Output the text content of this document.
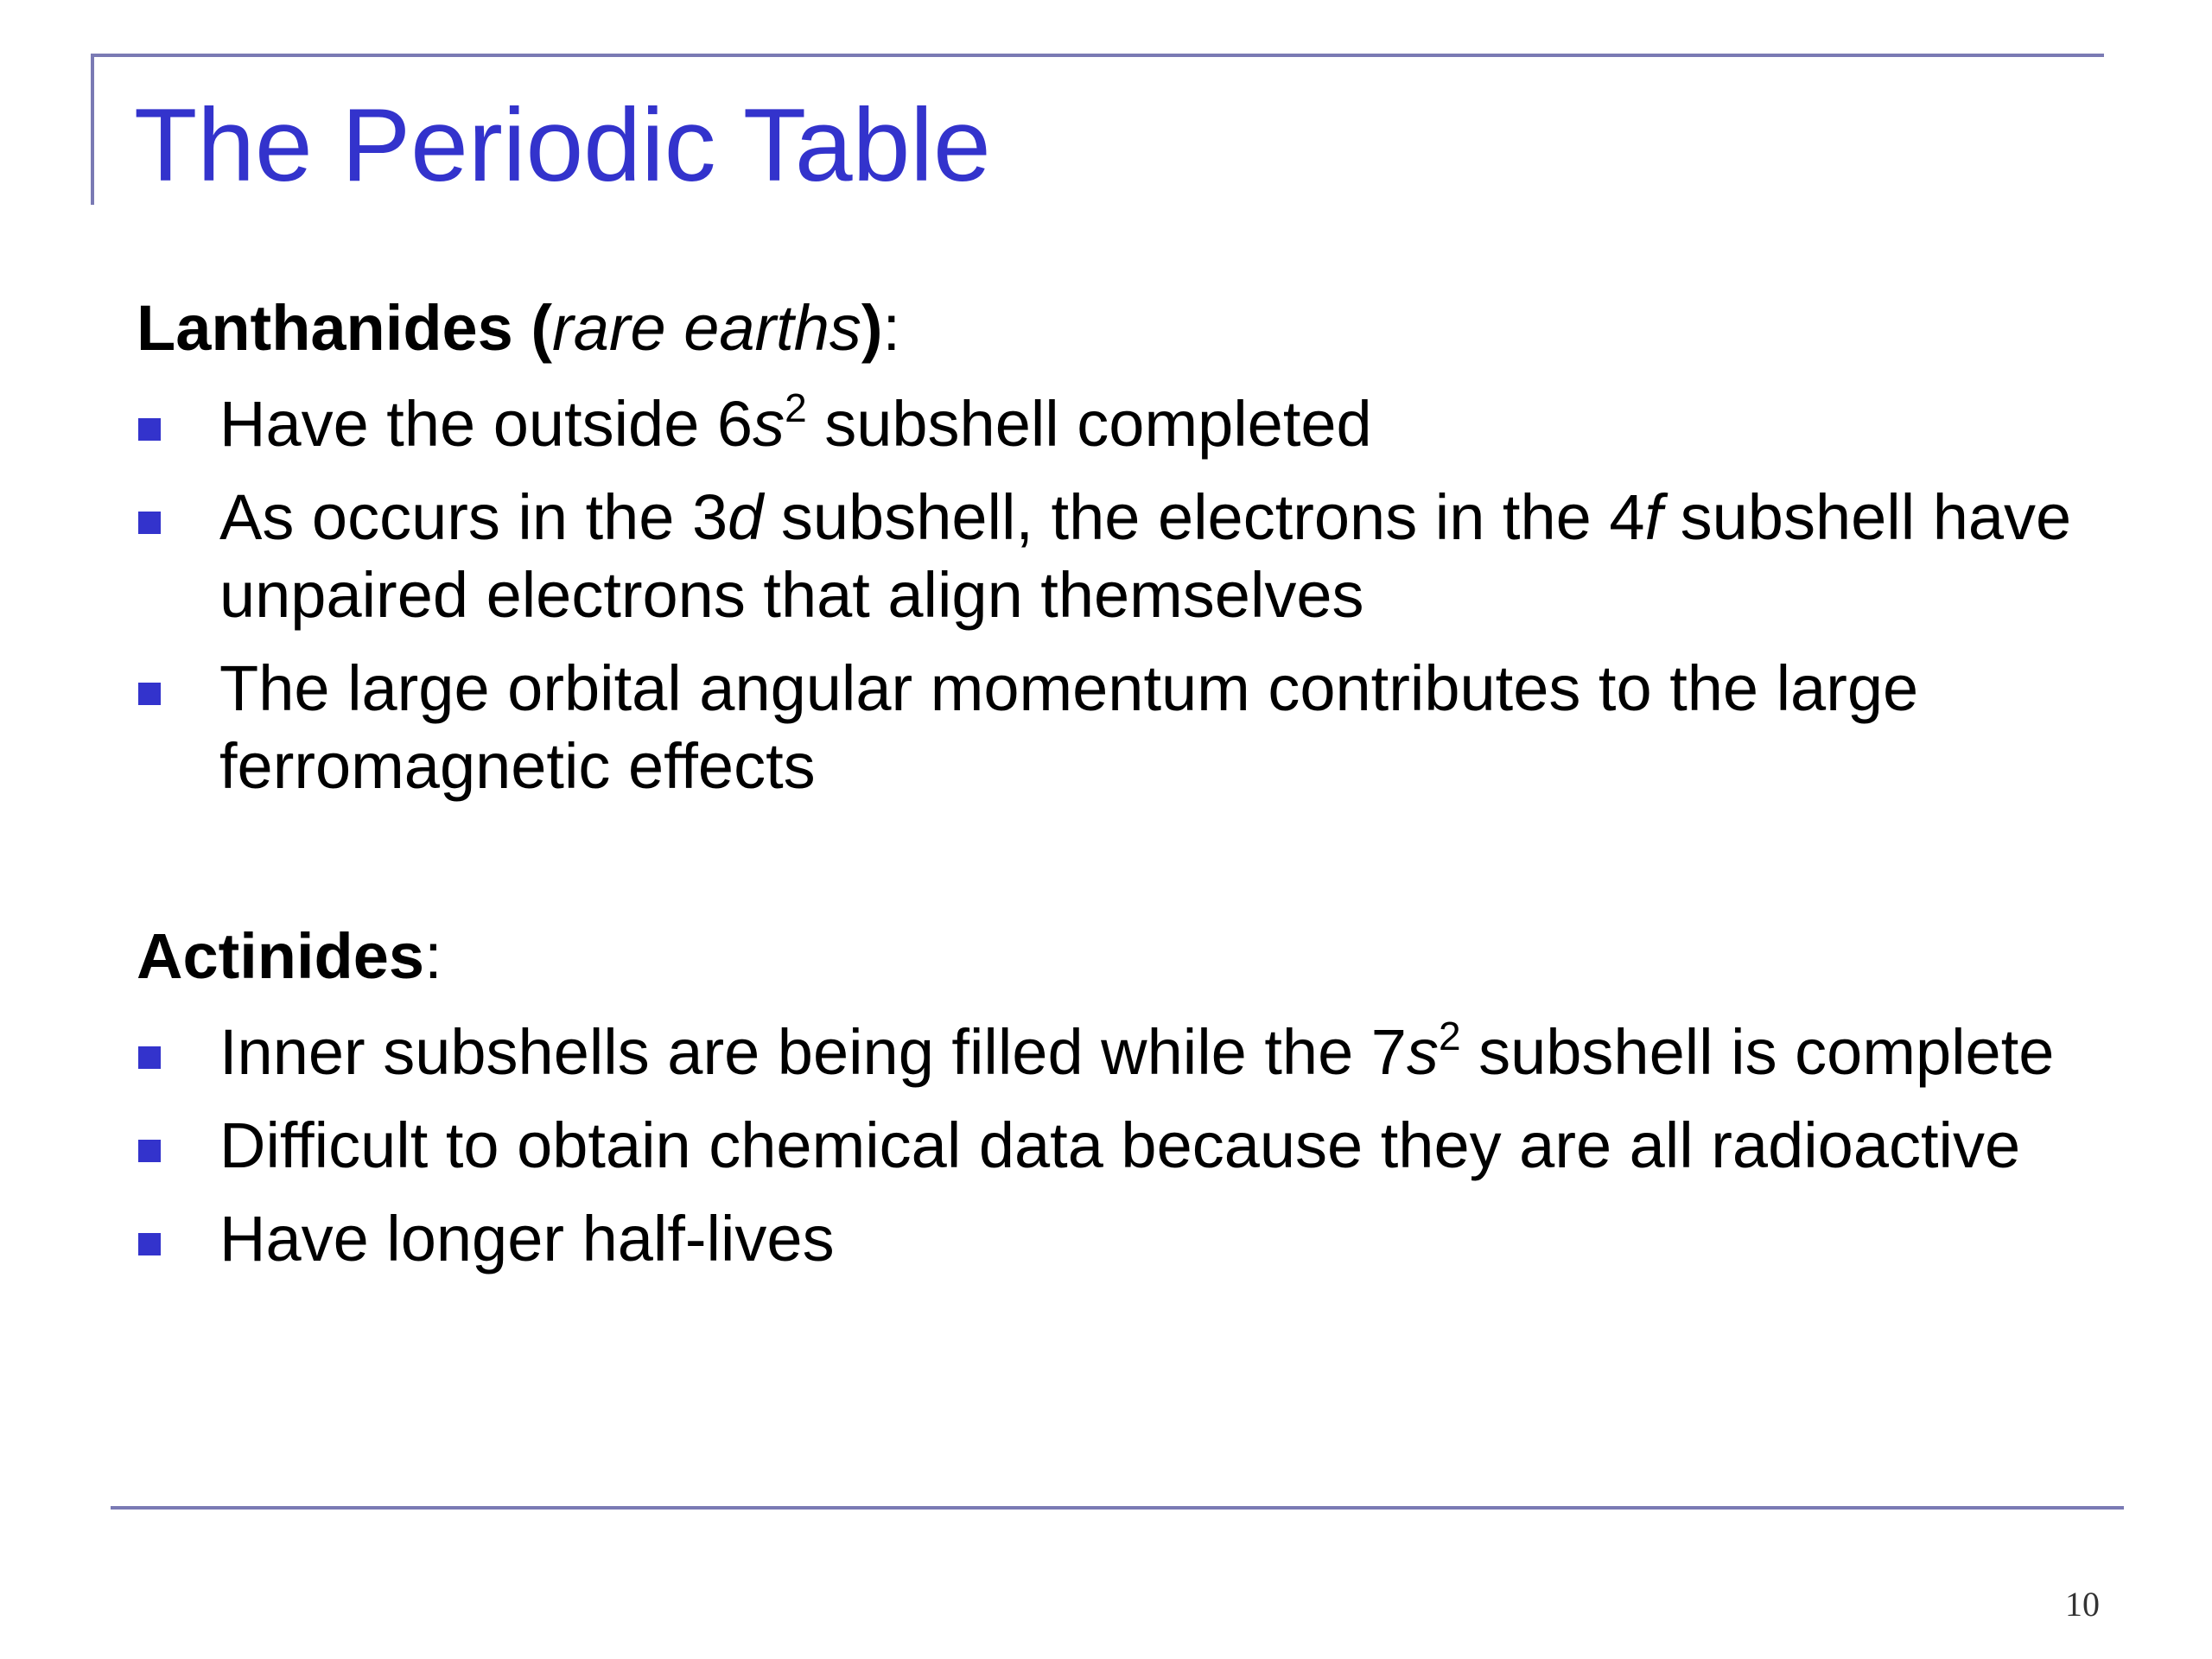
The Periodic Table

Lanthanides (rare earths):

Have the outside $6s^2$ subshell completed
As occurs in the 3d subshell, the electrons in the 4f subshell have unpaired electrons that align themselves
The large orbital angular momentum contributes to the large ferromagnetic effects

Actinides:

Inner subshells are being filled while the $7s^2$ subshell is complete
Difficult to obtain chemical data because they are all radioactive
Have longer half-lives
10
